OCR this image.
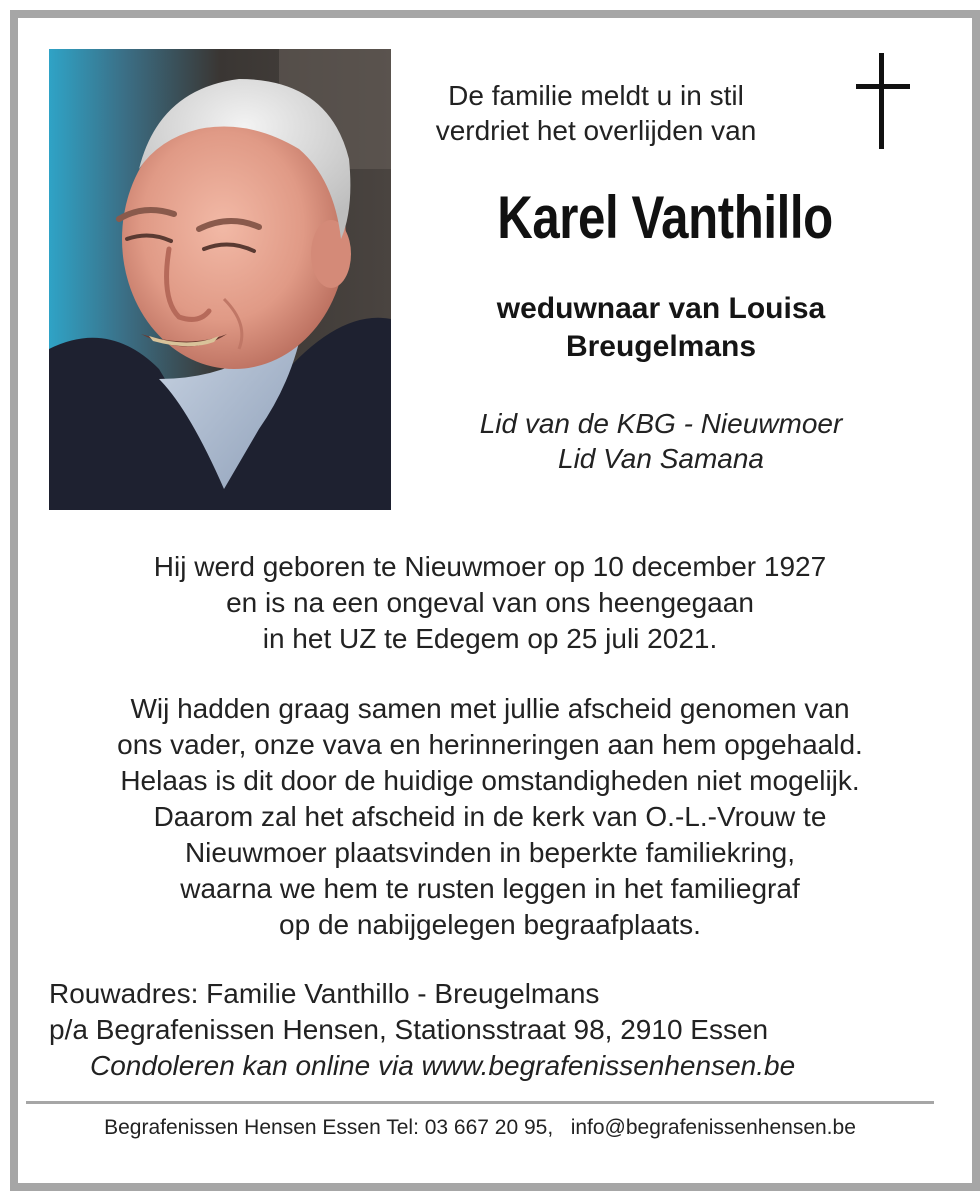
De familie meldt u in stil
verdriet het overlijden van
Karel Vanthillo
weduwnaar van Louisa
Breugelmans
Lid van de KBG - Nieuwmoer
Lid Van Samana
Hij werd geboren te Nieuwmoer op 10 december 1927
en is na een ongeval van ons heengegaan
in het UZ te Edegem op 25 juli 2021.
Wij hadden graag samen met jullie afscheid genomen van
ons vader, onze vava en herinneringen aan hem opgehaald.
Helaas is dit door de huidige omstandigheden niet mogelijk.
Daarom zal het afscheid in de kerk van O.-L.-Vrouw te
Nieuwmoer plaatsvinden in beperkte familiekring,
waarna we hem te rusten leggen in het familiegraf
op de nabijgelegen begraafplaats.
Rouwadres: Familie Vanthillo - Breugelmans
p/a Begrafenissen Hensen, Stationsstraat 98, 2910 Essen
Condoleren kan online via www.begrafenissenhensen.be
Begrafenissen Hensen Essen Tel: 03 667 20 95,   info@begrafenissenhensen.be
